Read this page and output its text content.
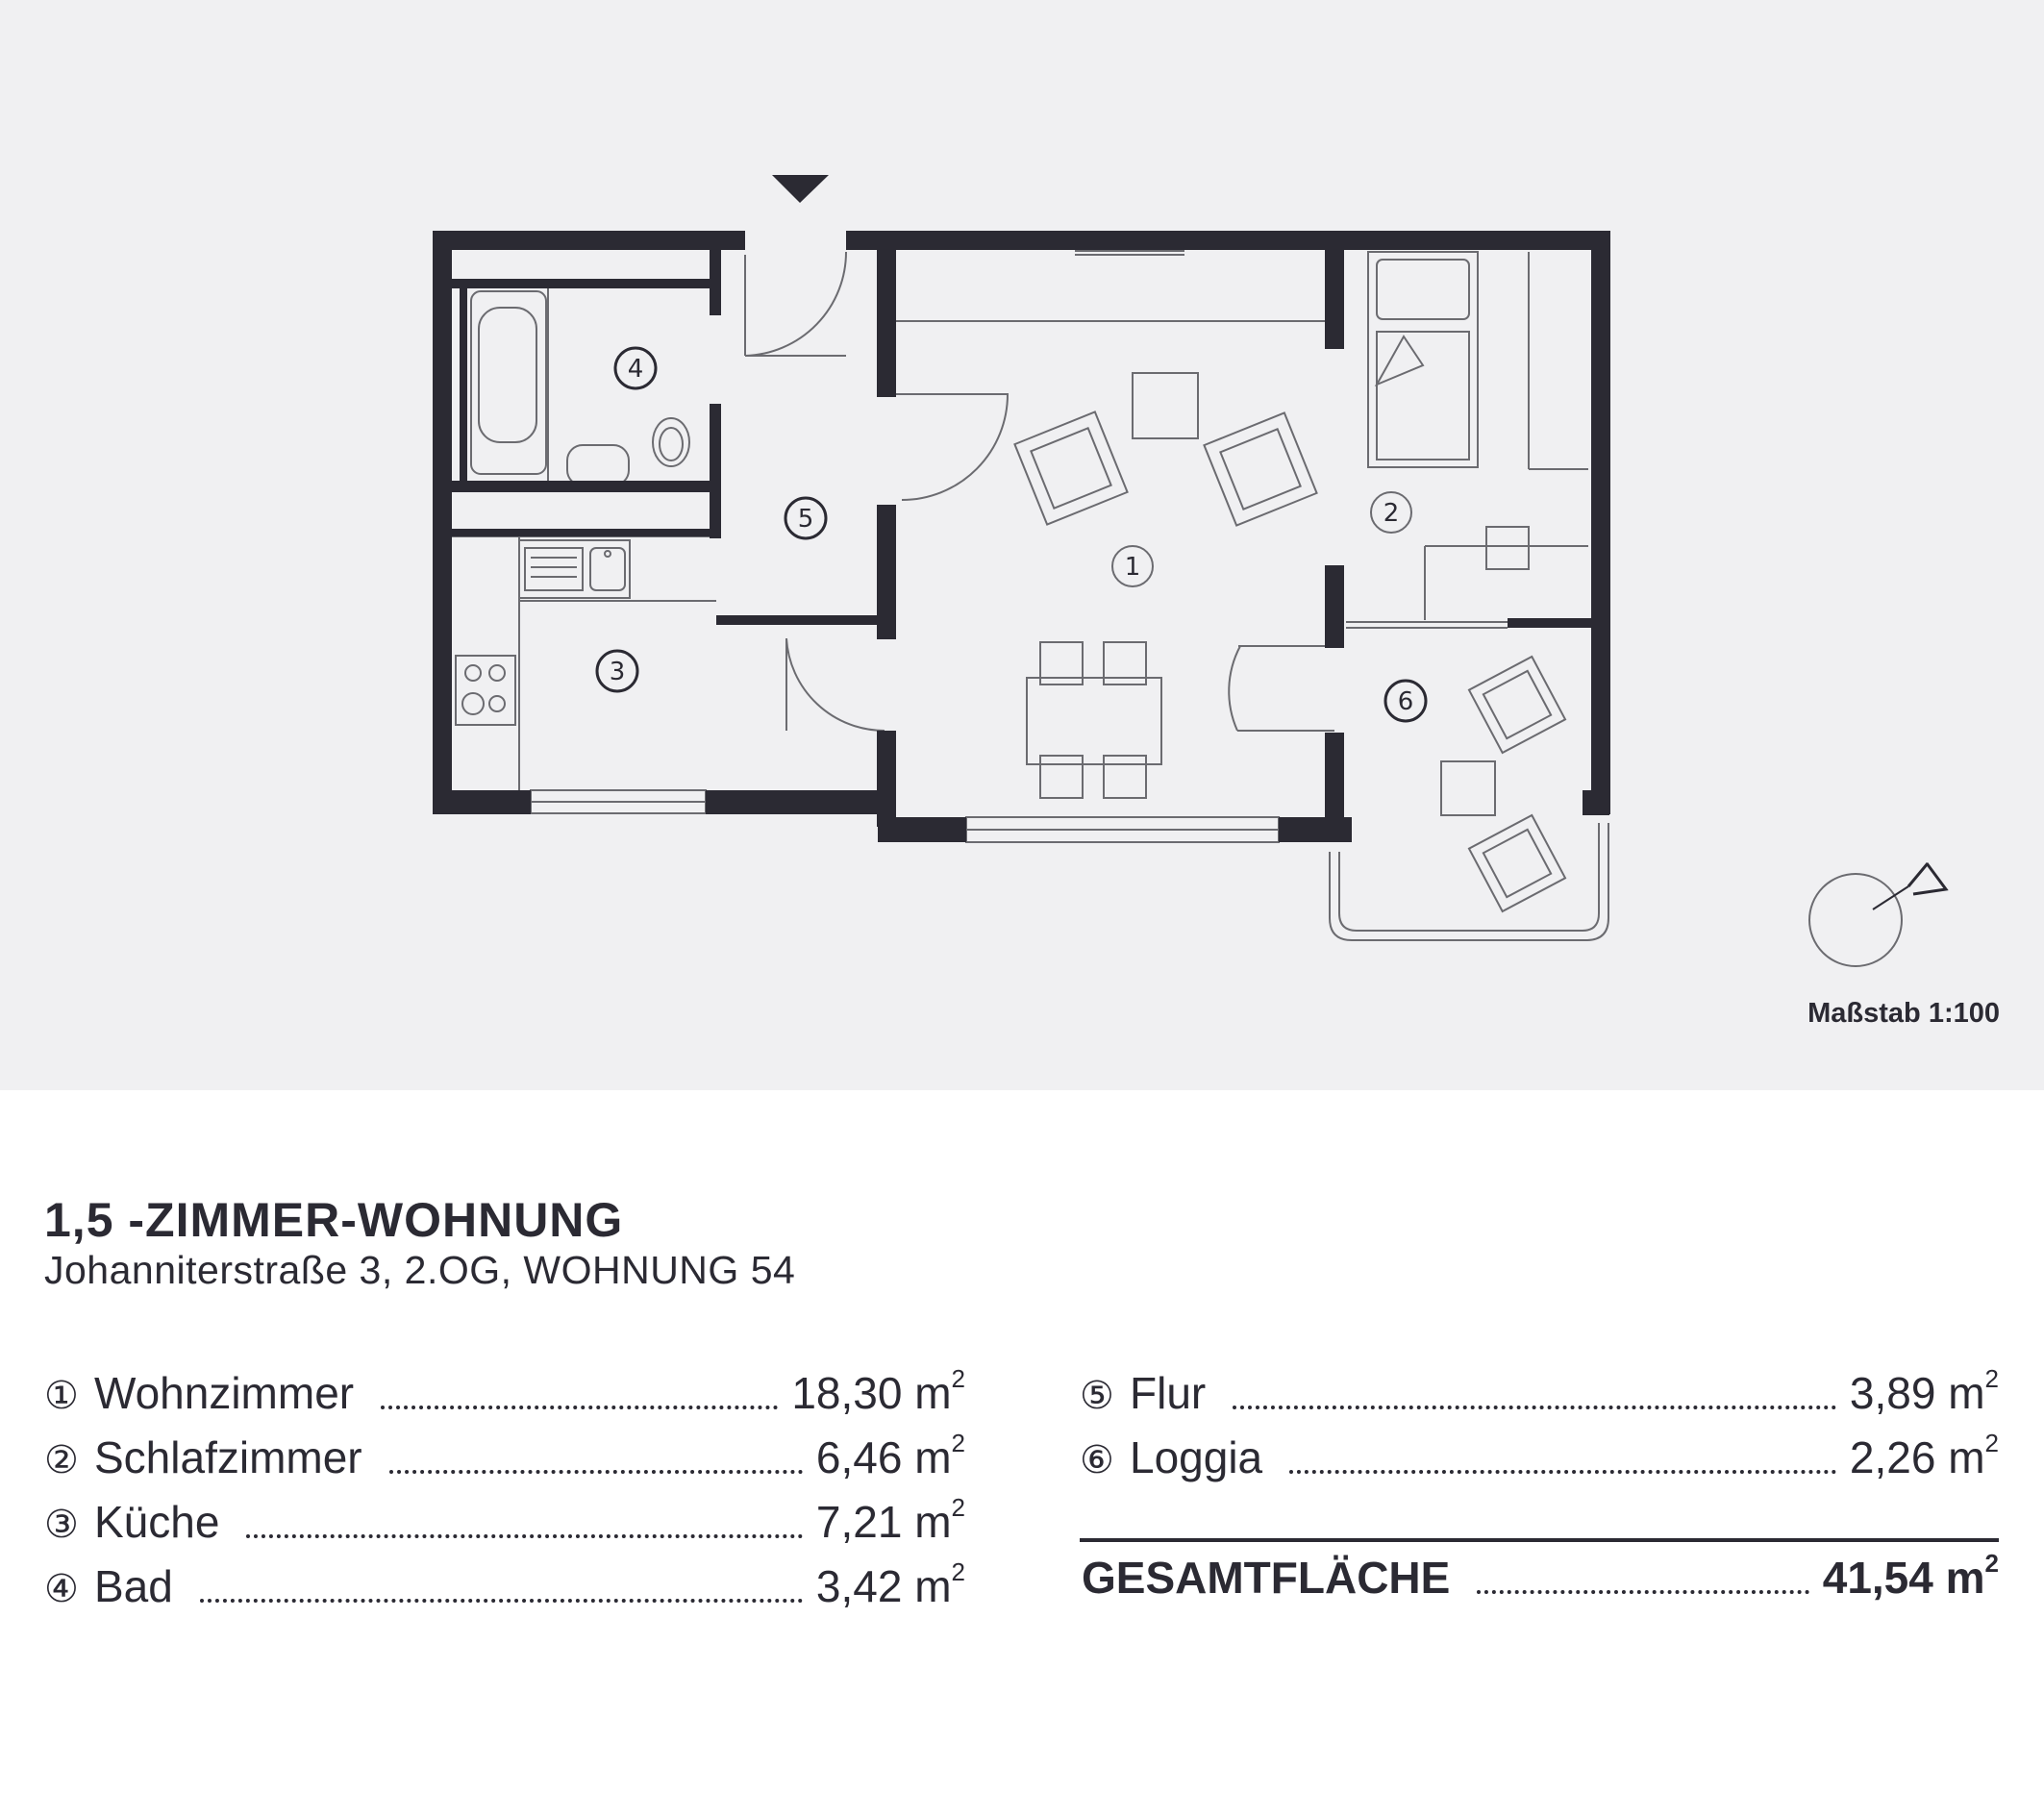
1
2
3
4
5
6
Maßstab 1:100
1,5 -ZIMMER-WOHNUNG
Johanniterstraße 3, 2.OG, WOHNUNG 54
① Wohnzimmer	18,30 $m^2$
② Schlafzimmer	6,46 $m^2$
③ Küche	7,21 $m^2$
④ Bad	3,42 $m^2$
⑤ Flur	3,89 $m^2$
⑥ Loggia	2,26 $m^2$
GESAMTFLÄCHE	41,54 $m^2$
